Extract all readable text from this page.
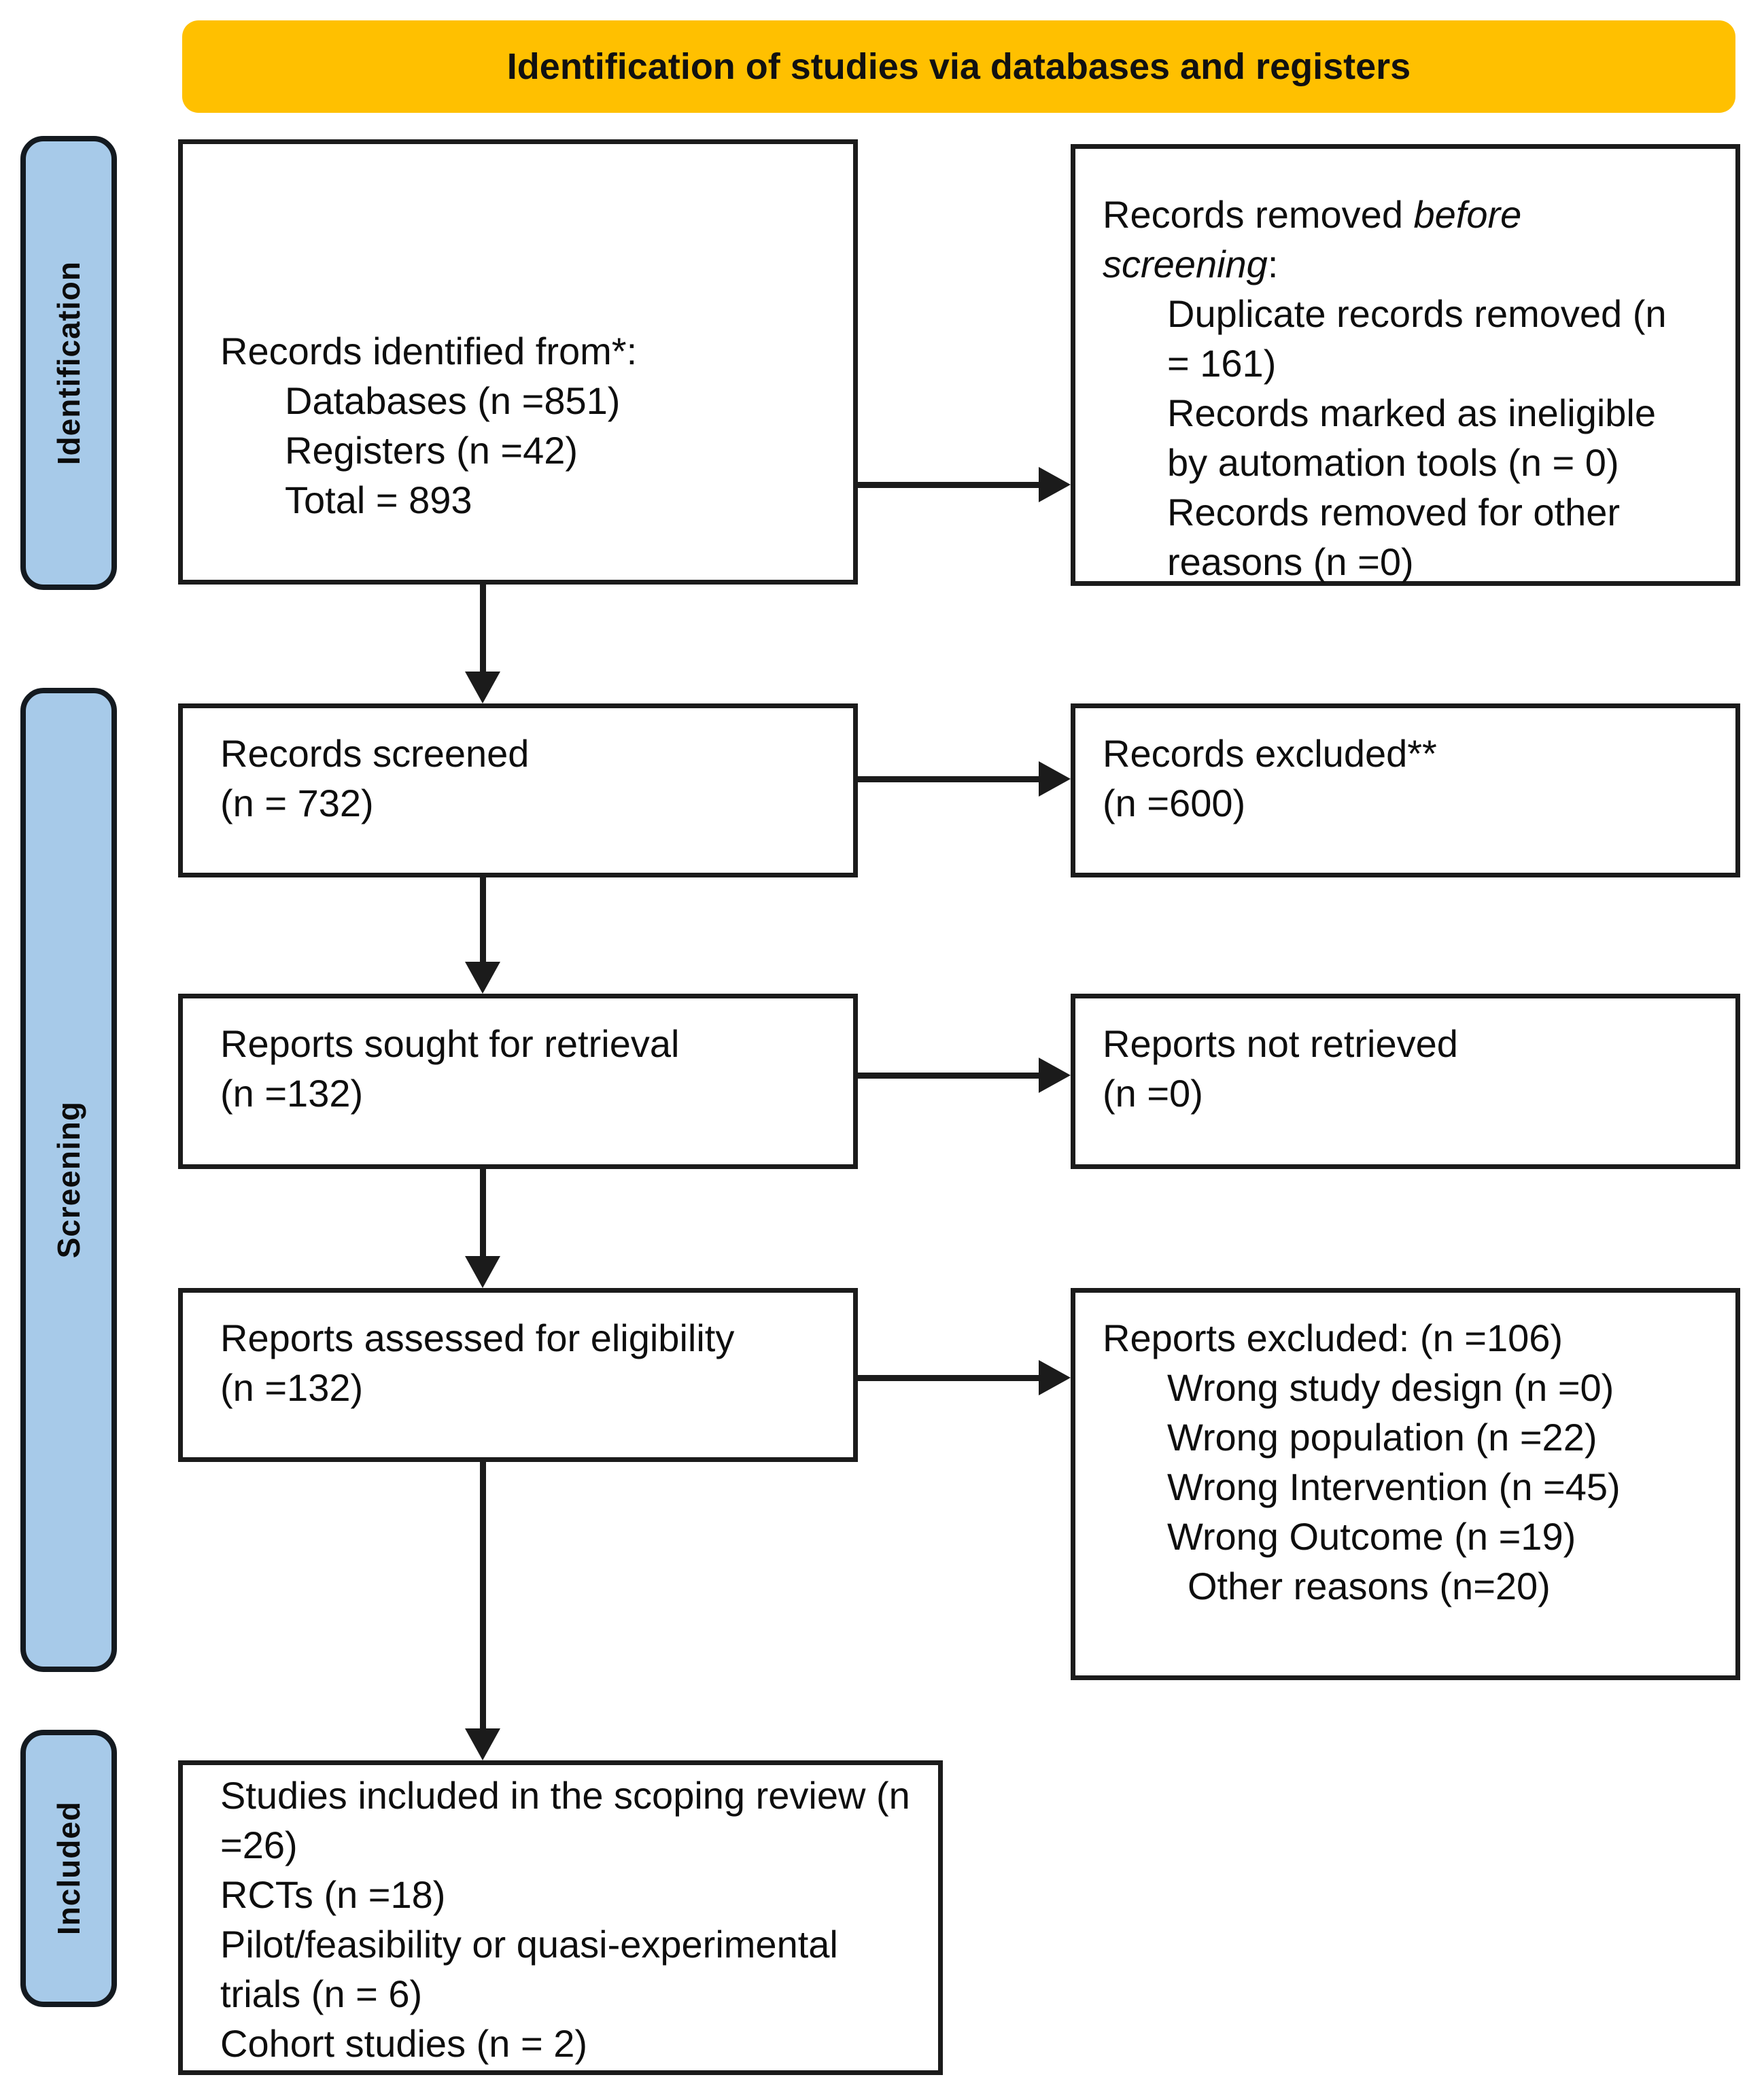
Identification of studies via databases and registers
Identification
Screening
Included
Records identified from*:
Databases (n =851)
Registers (n =42)
Total = 893
Records removed before screening:
Duplicate records removed (n = 161)
Records marked as ineligible by automation tools (n = 0)
Records removed for other reasons (n =0)
Records screened
(n = 732)
Records excluded**
(n =600)
Reports sought for retrieval
(n =132)
Reports not retrieved
(n =0)
Reports assessed for eligibility
(n =132)
Reports excluded: (n =106)
Wrong study design (n =0)
Wrong population (n =22)
Wrong Intervention (n =45)
Wrong Outcome (n =19)
Other reasons (n=20)
Studies included in the scoping review (n =26)
RCTs (n =18)
Pilot/feasibility or quasi-experimental trials (n = 6)
Cohort studies (n = 2)
